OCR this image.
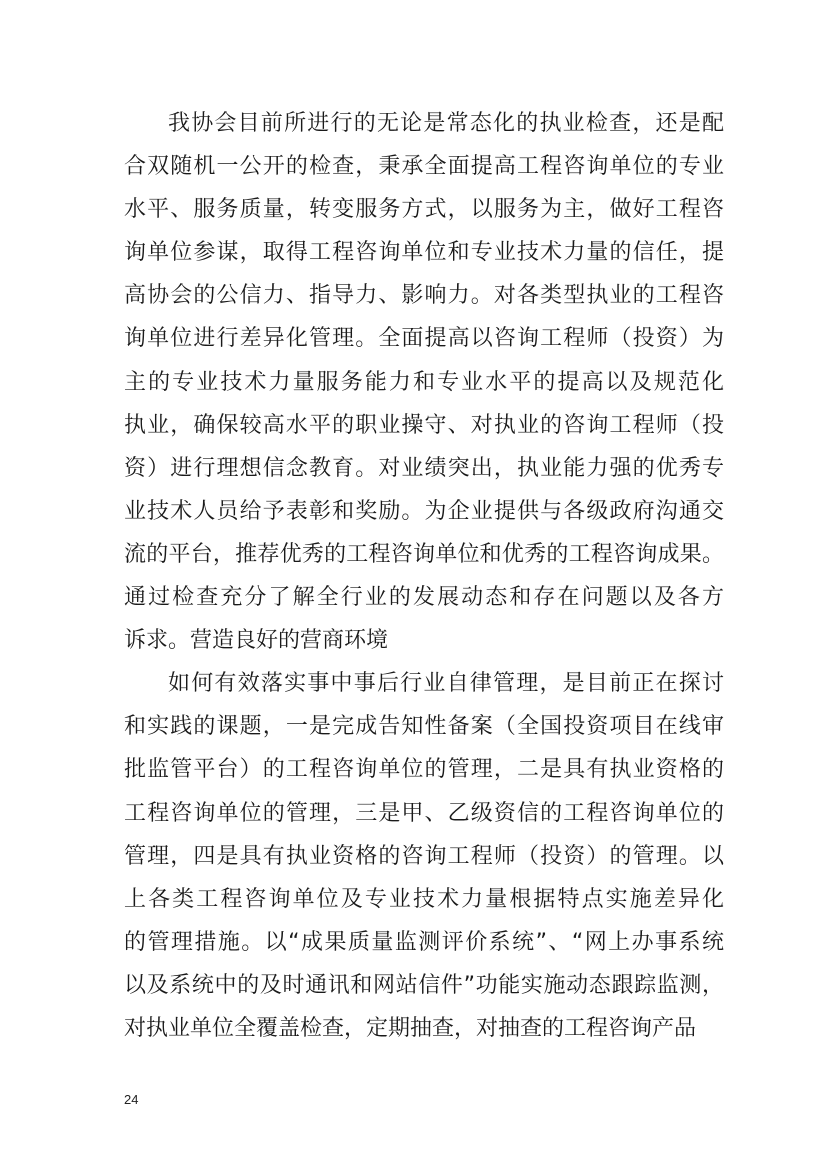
我协会目前所进行的无论是常态化的执业检查，还是配
合双随机一公开的检查，秉承全面提高工程咨询单位的专业
水平、服务质量，转变服务方式，以服务为主，做好工程咨
询单位参谋，取得工程咨询单位和专业技术力量的信任，提
高协会的公信力、指导力、影响力。对各类型执业的工程咨
询单位进行差异化管理。全面提高以咨询工程师（投资）为
主的专业技术力量服务能力和专业水平的提高以及规范化
执业，确保较高水平的职业操守、对执业的咨询工程师（投
资）进行理想信念教育。对业绩突出，执业能力强的优秀专
业技术人员给予表彰和奖励。为企业提供与各级政府沟通交
流的平台，推荐优秀的工程咨询单位和优秀的工程咨询成果。
通过检查充分了解全行业的发展动态和存在问题以及各方
诉求。营造良好的营商环境
如何有效落实事中事后行业自律管理，是目前正在探讨
和实践的课题，一是完成告知性备案（全国投资项目在线审
批监管平台）的工程咨询单位的管理，二是具有执业资格的
工程咨询单位的管理，三是甲、乙级资信的工程咨询单位的
管理，四是具有执业资格的咨询工程师（投资）的管理。以
上各类工程咨询单位及专业技术力量根据特点实施差异化
的管理措施。以“成果质量监测评价系统”、“网上办事系统
以及系统中的及时通讯和网站信件”功能实施动态跟踪监测，
对执业单位全覆盖检查，定期抽查，对抽查的工程咨询产品
24
